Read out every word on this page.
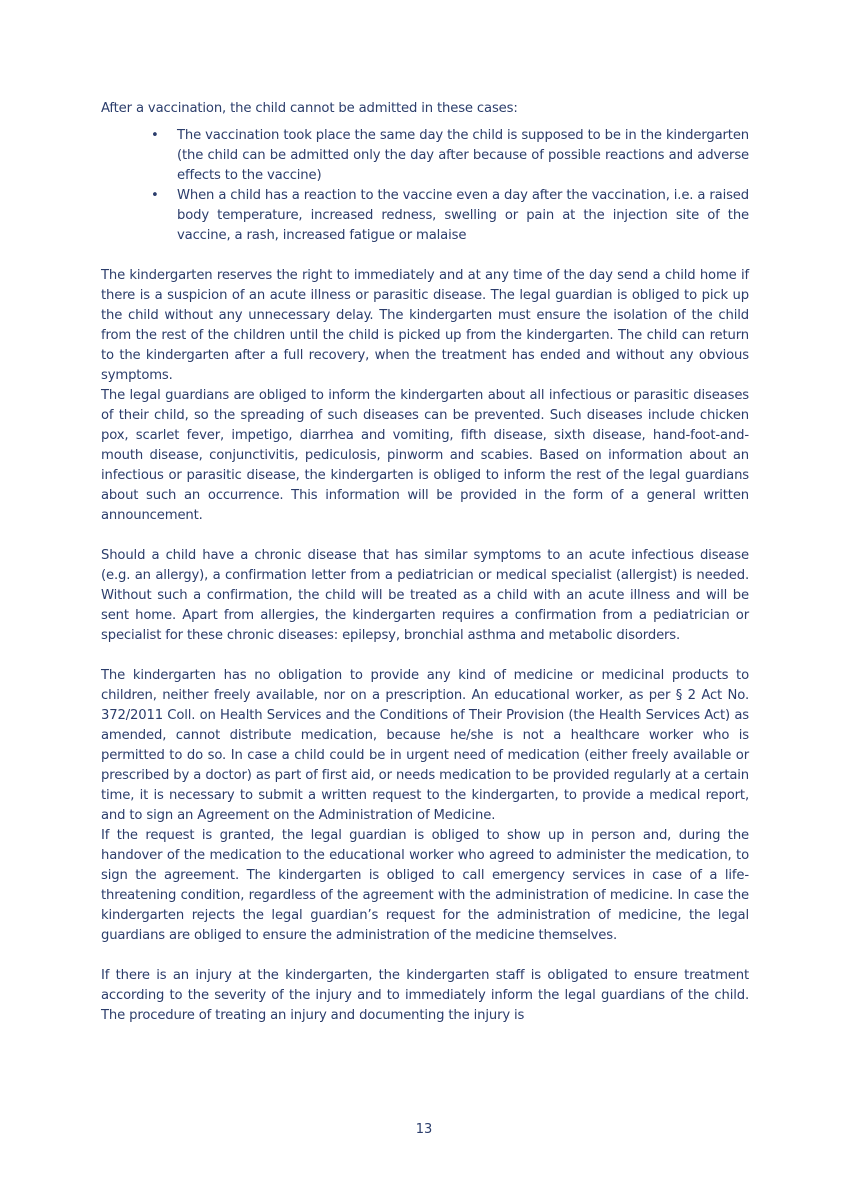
After a vaccination, the child cannot be admitted in these cases:

• The vaccination took place the same day the child is supposed to be in the kindergarten (the child can be admitted only the day after because of possible reactions and adverse effects to the vaccine)
• When a child has a reaction to the vaccine even a day after the vaccination, i.e. a raised body temperature, increased redness, swelling or pain at the injection site of the vaccine, a rash, increased fatigue or malaise

The kindergarten reserves the right to immediately and at any time of the day send a child home if there is a suspicion of an acute illness or parasitic disease. The legal guardian is obliged to pick up the child without any unnecessary delay. The kindergarten must ensure the isolation of the child from the rest of the children until the child is picked up from the kindergarten. The child can return to the kindergarten after a full recovery, when the treatment has ended and without any obvious symptoms.

The legal guardians are obliged to inform the kindergarten about all infectious or parasitic diseases of their child, so the spreading of such diseases can be prevented. Such diseases include chicken pox, scarlet fever, impetigo, diarrhea and vomiting, fifth disease, sixth disease, hand-foot-and-mouth disease, conjunctivitis, pediculosis, pinworm and scabies. Based on information about an infectious or parasitic disease, the kindergarten is obliged to inform the rest of the legal guardians about such an occurrence. This information will be provided in the form of a general written announcement.

Should a child have a chronic disease that has similar symptoms to an acute infectious disease (e.g. an allergy), a confirmation letter from a pediatrician or medical specialist (allergist) is needed. Without such a confirmation, the child will be treated as a child with an acute illness and will be sent home. Apart from allergies, the kindergarten requires a confirmation from a pediatrician or specialist for these chronic diseases: epilepsy, bronchial asthma and metabolic disorders.

The kindergarten has no obligation to provide any kind of medicine or medicinal products to children, neither freely available, nor on a prescription. An educational worker, as per § 2 Act No. 372/2011 Coll. on Health Services and the Conditions of Their Provision (the Health Services Act) as amended, cannot distribute medication, because he/she is not a healthcare worker who is permitted to do so. In case a child could be in urgent need of medication (either freely available or prescribed by a doctor) as part of first aid, or needs medication to be provided regularly at a certain time, it is necessary to submit a written request to the kindergarten, to provide a medical report, and to sign an Agreement on the Administration of Medicine.

If the request is granted, the legal guardian is obliged to show up in person and, during the handover of the medication to the educational worker who agreed to administer the medication, to sign the agreement. The kindergarten is obliged to call emergency services in case of a life-threatening condition, regardless of the agreement with the administration of medicine. In case the kindergarten rejects the legal guardian’s request for the administration of medicine, the legal guardians are obliged to ensure the administration of the medicine themselves.

If there is an injury at the kindergarten, the kindergarten staff is obligated to ensure treatment according to the severity of the injury and to immediately inform the legal guardians of the child. The procedure of treating an injury and documenting the injury is

13
